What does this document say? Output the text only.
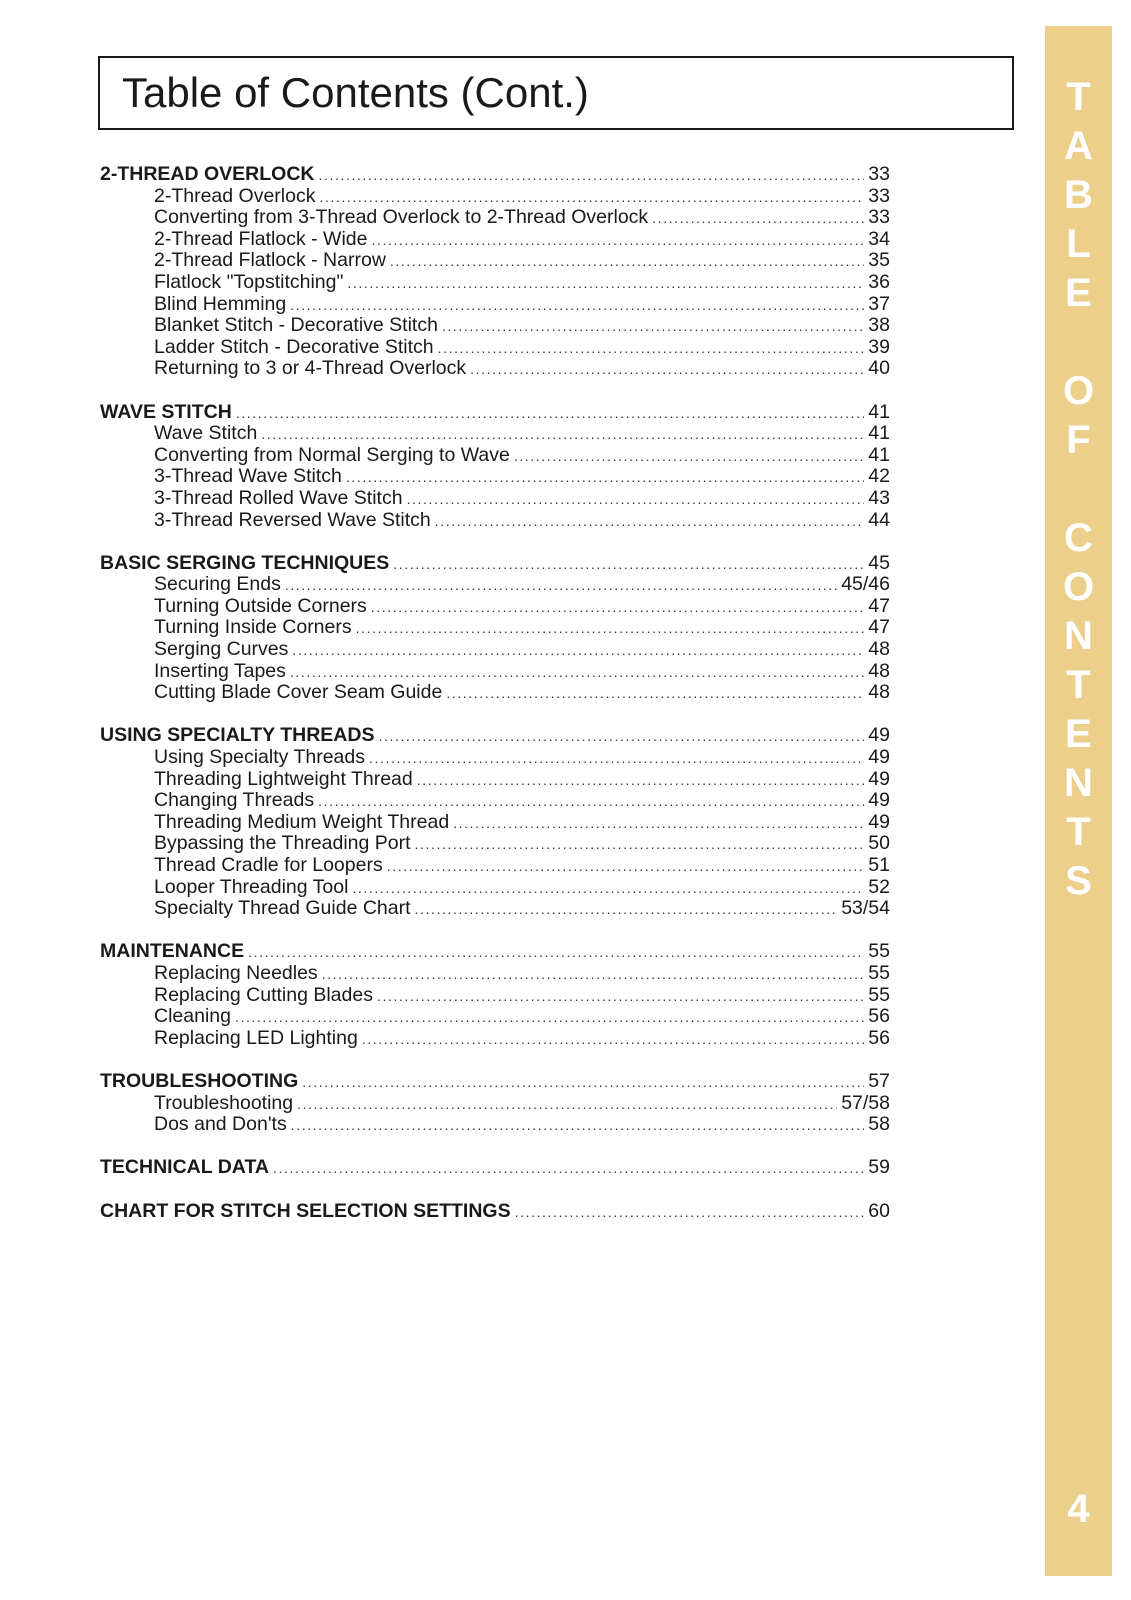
Table of Contents (Cont.)
2-THREAD OVERLOCK .....	33
2-Thread Overlock .....	33
Converting from 3-Thread Overlock to 2-Thread Overlock .....	33
2-Thread Flatlock - Wide .....	34
2-Thread Flatlock - Narrow .....	35
Flatlock "Topstitching" .....	36
Blind Hemming .....	37
Blanket Stitch - Decorative Stitch .....	38
Ladder Stitch - Decorative Stitch .....	39
Returning to 3 or 4-Thread Overlock .....	40
WAVE STITCH .....	41
Wave Stitch .....	41
Converting from Normal Serging to Wave .....	41
3-Thread Wave Stitch .....	42
3-Thread Rolled Wave Stitch .....	43
3-Thread Reversed Wave Stitch .....	44
BASIC SERGING TECHNIQUES .....	45
Securing Ends .....	45/46
Turning Outside Corners .....	47
Turning Inside Corners .....	47
Serging Curves .....	48
Inserting Tapes .....	48
Cutting Blade Cover Seam Guide .....	48
USING SPECIALTY THREADS .....	49
Using Specialty Threads .....	49
Threading Lightweight Thread .....	49
Changing Threads .....	49
Threading Medium Weight Thread .....	49
Bypassing the Threading Port .....	50
Thread Cradle for Loopers .....	51
Looper Threading Tool .....	52
Specialty Thread Guide Chart .....	53/54
MAINTENANCE .....	55
Replacing Needles .....	55
Replacing Cutting Blades .....	55
Cleaning .....	56
Replacing LED Lighting .....	56
TROUBLESHOOTING .....	57
Troubleshooting .....	57/58
Dos and Don'ts .....	58
TECHNICAL DATA .....	59
CHART FOR STITCH SELECTION SETTINGS .....	60
4
T
A
B
L
E
O
F
C
O
N
T
E
N
T
S
